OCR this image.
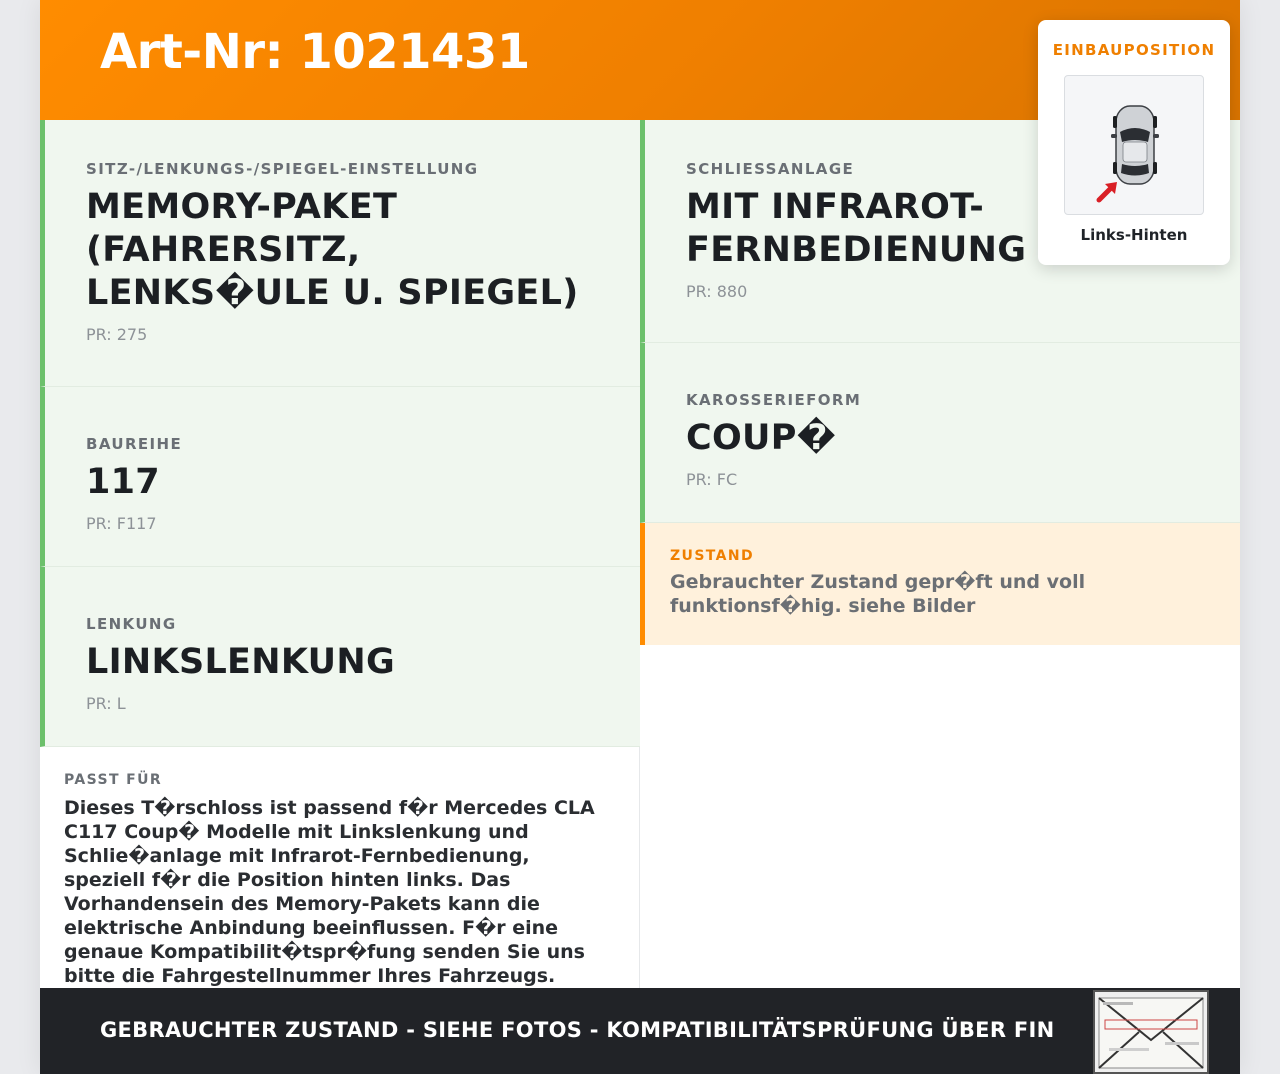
Art-Nr: 1021431
SITZ-/LENKUNGS-/SPIEGEL-EINSTELLUNG
MEMORY-PAKET (FAHRERSITZ, LENKS�ULE U. SPIEGEL)
PR: 275
BAUREIHE
117
PR: F117
LENKUNG
LINKSLENKUNG
PR: L
SCHLIESSANLAGE
MIT INFRAROT-FERNBEDIENUNG
PR: 880
KAROSSERIEFORM
COUP�
PR: FC
ZUSTAND
Gebrauchter Zustand gepr�ft und voll funktionsf�hig. siehe Bilder
PASST FÜR
Dieses T�rschloss ist passend f�r Mercedes CLA C117 Coup� Modelle mit Linkslenkung und Schlie�anlage mit Infrarot-Fernbedienung, speziell f�r die Position hinten links. Das Vorhandensein des Memory-Pakets kann die elektrische Anbindung beeinflussen. F�r eine genaue Kompatibilit�tspr�fung senden Sie uns bitte die Fahrgestellnummer Ihres Fahrzeugs.
GEBRAUCHTER ZUSTAND - SIEHE FOTOS - KOMPATIBILITÄTSPRÜFUNG ÜBER FIN
EINBAUPOSITION
Links-Hinten
